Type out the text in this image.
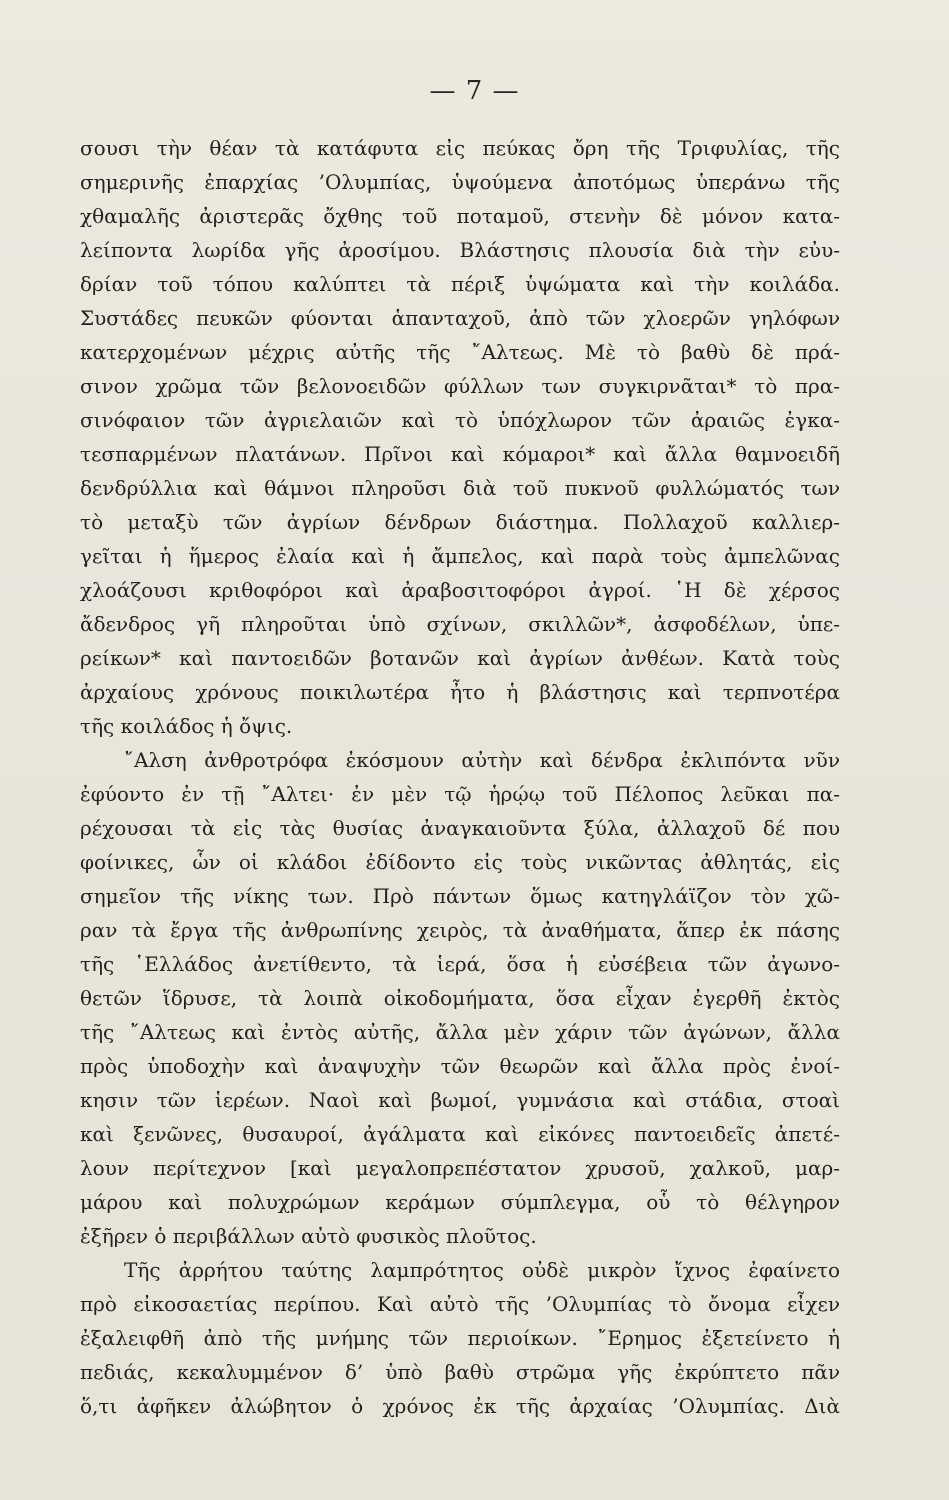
— 7 —
σουσι τὴν θέαν τὰ κατάφυτα εἰς πεύκας ὄρη τῆς Τριφυλίας, τῆς
σημερινῆς ἐπαρχίας ’Ολυμπίας, ὑψούμενα ἀποτόμως ὑπεράνω τῆς
χθαμαλῆς ἀριστερᾶς ὄχθης τοῦ ποταμοῦ, στενὴν δὲ μόνον κατα-
λείποντα λωρίδα γῆς ἀροσίμου. Βλάστησις πλουσία διὰ τὴν εὐυ-
δρίαν τοῦ τόπου καλύπτει τὰ πέριξ ὑψώματα καὶ τὴν κοιλάδα.
Συστάδες πευκῶν φύονται ἁπανταχοῦ, ἀπὸ τῶν χλοερῶν γηλόφων
κατερχομένων μέχρις αὐτῆς τῆς ῎Αλτεως. Μὲ τὸ βαθὺ δὲ πρά-
σινον χρῶμα τῶν βελονοειδῶν φύλλων των συγκιρνᾶται* τὸ πρα-
σινόφαιον τῶν ἀγριελαιῶν καὶ τὸ ὑπόχλωρον τῶν ἀραιῶς ἐγκα-
τεσπαρμένων πλατάνων. Πρῖνοι καὶ κόμαροι* καὶ ἄλλα θαμνοειδῆ
δενδρύλλια καὶ θάμνοι πληροῦσι διὰ τοῦ πυκνοῦ φυλλώματός των
τὸ μεταξὺ τῶν ἀγρίων δένδρων διάστημα. Πολλαχοῦ καλλιερ-
γεῖται ἡ ἥμερος ἐλαία καὶ ἡ ἄμπελος, καὶ παρὰ τοὺς ἀμπελῶνας
χλοάζουσι κριθοφόροι καὶ ἀραβοσιτοφόροι ἀγροί. ῾Η δὲ χέρσος
ἄδενδρος γῆ πληροῦται ὑπὸ σχίνων, σκιλλῶν*, ἀσφοδέλων, ὑπε-
ρείκων* καὶ παντοειδῶν βοτανῶν καὶ ἀγρίων ἀνθέων. Κατὰ τοὺς
ἀρχαίους χρόνους ποικιλωτέρα ἦτο ἡ βλάστησις καὶ τερπνοτέρα
τῆς κοιλάδος ἡ ὄψις.
῎Αλση ἀνθροτρόφα ἐκόσμουν αὐτὴν καὶ δένδρα ἐκλιπόντα νῦν
ἐφύοντο ἐν τῇ ῎Αλτει· ἐν μὲν τῷ ἡρῴῳ τοῦ Πέλοπος λεῦκαι πα-
ρέχουσαι τὰ εἰς τὰς θυσίας ἀναγκαιοῦντα ξύλα, ἀλλαχοῦ δέ που
φοίνικες, ὧν οἱ κλάδοι ἐδίδοντο εἰς τοὺς νικῶντας ἀθλητάς, εἰς
σημεῖον τῆς νίκης των. Πρὸ πάντων ὅμως κατηγλάϊζον τὸν χῶ-
ραν τὰ ἔργα τῆς ἀνθρωπίνης χειρὸς, τὰ ἀναθήματα, ἅπερ ἐκ πάσης
τῆς ῾Ελλάδος ἀνετίθεντο, τὰ ἱερά, ὅσα ἡ εὐσέβεια τῶν ἀγωνο-
θετῶν ἵδρυσε, τὰ λοιπὰ οἰκοδομήματα, ὅσα εἶχαν ἐγερθῆ ἐκτὸς
τῆς ῎Αλτεως καὶ ἐντὸς αὐτῆς, ἄλλα μὲν χάριν τῶν ἀγώνων, ἄλλα
πρὸς ὑποδοχὴν καὶ ἀναψυχὴν τῶν θεωρῶν καὶ ἄλλα πρὸς ἐνοί-
κησιν τῶν ἱερέων. Ναοὶ καὶ βωμοί, γυμνάσια καὶ στάδια, στοαὶ
καὶ ξενῶνες, θυσαυροί, ἀγάλματα καὶ εἰκόνες παντοειδεῖς ἀπετέ-
λουν περίτεχνον [καὶ μεγαλοπρεπέστατον χρυσοῦ, χαλκοῦ, μαρ-
μάρου καὶ πολυχρώμων κεράμων σύμπλεγμα, οὗ τὸ θέλγηρον
ἐξῆρεν ὁ περιβάλλων αὐτὸ φυσικὸς πλοῦτος.
Τῆς ἀρρήτου ταύτης λαμπρότητος οὐδὲ μικρὸν ἴχνος ἐφαίνετο
πρὸ εἰκοσαετίας περίπου. Καὶ αὐτὸ τῆς ’Ολυμπίας τὸ ὄνομα εἶχεν
ἐξαλειφθῆ ἀπὸ τῆς μνήμης τῶν περιοίκων. ῎Ερημος ἐξετείνετο ἡ
πεδιάς, κεκαλυμμένον δ’ ὑπὸ βαθὺ στρῶμα γῆς ἐκρύπτετο πᾶν
ὅ,τι ἀφῆκεν ἀλώβητον ὁ χρόνος ἐκ τῆς ἀρχαίας ’Ολυμπίας. Διὰ
